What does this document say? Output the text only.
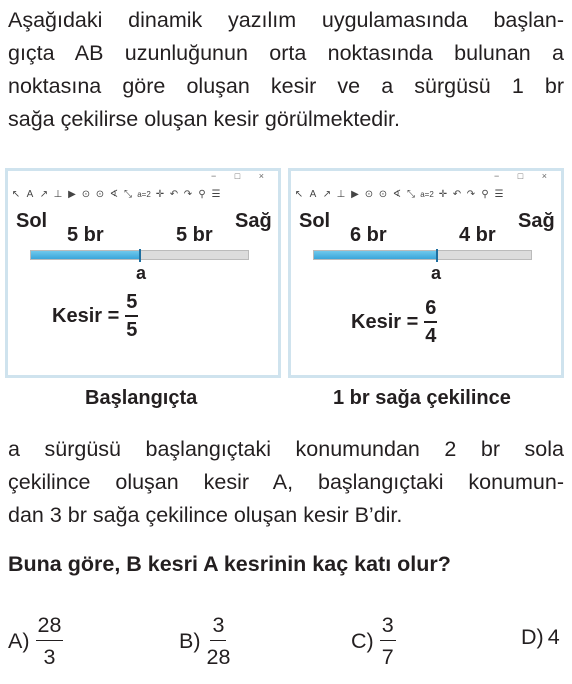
Aşağıdaki dinamik yazılım uygulamasında başlan-
gıçta AB uzunluğunun orta noktasında bulunan a
noktasına göre oluşan kesir ve a sürgüsü 1 br
sağa çekilirse oluşan kesir görülmektedir.
− □ ×
↖ A ↗ ⊥ ▶ ⊙ ⊙ ∢ ⤡ a=2 ✛ ↶ ↷ ⚲ ☰
Sol	Sağ
5 br	5 br
a
Kesir = $\frac{5}{5}$
− □ ×
↖ A ↗ ⊥ ▶ ⊙ ⊙ ∢ ⤡ a=2 ✛ ↶ ↷ ⚲ ☰
Sol	Sağ
6 br	4 br
a
Kesir = $\frac{6}{4}$
Başlangıçta	1 br sağa çekilince
a sürgüsü başlangıçtaki konumundan 2 br sola
çekilince oluşan kesir A, başlangıçtaki konumun-
dan 3 br sağa çekilince oluşan kesir B’dir.
Buna göre, B kesri A kesrinin kaç katı olur?
$A) \frac{28}{3}$	$B) \frac{3}{28}$	$C) \frac{3}{7}$	D) 4
